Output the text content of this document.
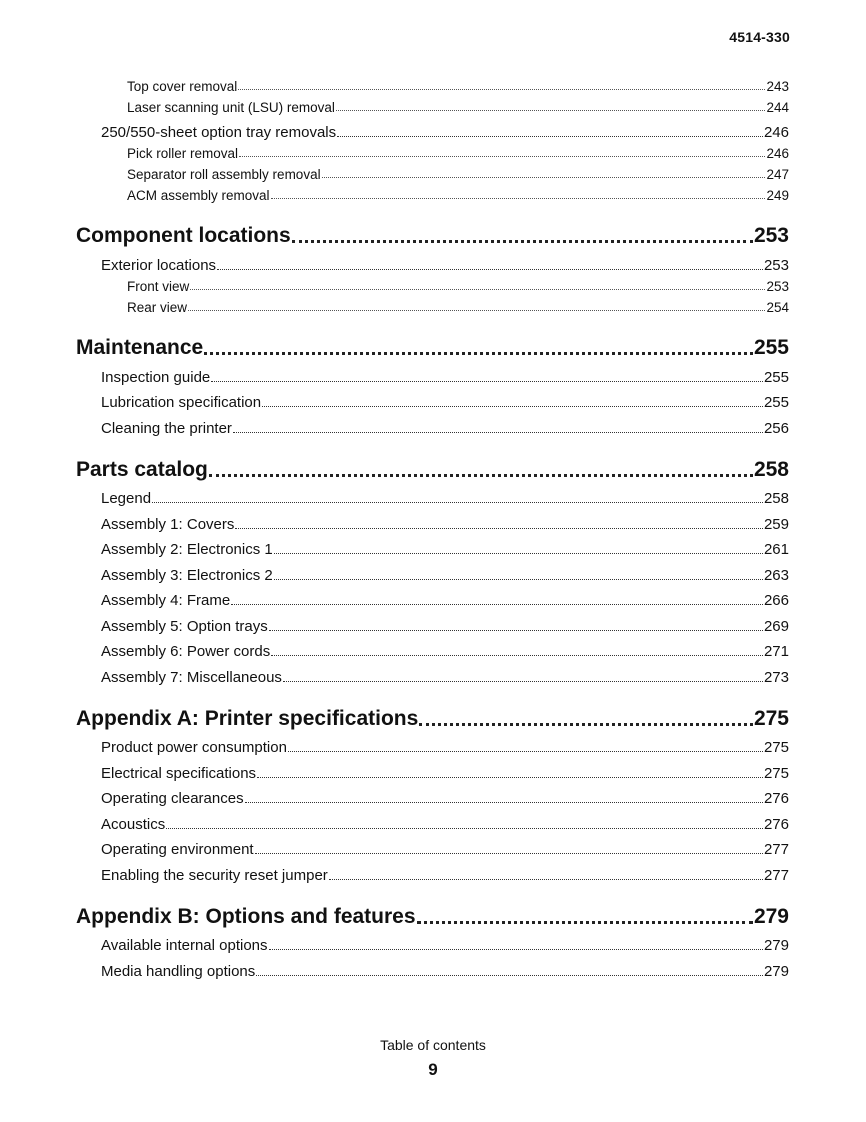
4514-330
Top cover removal	243
Laser scanning unit (LSU) removal	244
250/550-sheet option tray removals	246
Pick roller removal	246
Separator roll assembly removal	247
ACM assembly removal	249
Component locations	253
Exterior locations	253
Front view	253
Rear view	254
Maintenance	255
Inspection guide	255
Lubrication specification	255
Cleaning the printer	256
Parts catalog	258
Legend	258
Assembly 1: Covers	259
Assembly 2: Electronics 1	261
Assembly 3: Electronics 2	263
Assembly 4: Frame	266
Assembly 5: Option trays	269
Assembly 6: Power cords	271
Assembly 7: Miscellaneous	273
Appendix A: Printer specifications	275
Product power consumption	275
Electrical specifications	275
Operating clearances	276
Acoustics	276
Operating environment	277
Enabling the security reset jumper	277
Appendix B: Options and features	279
Available internal options	279
Media handling options	279
Table of contents
9
